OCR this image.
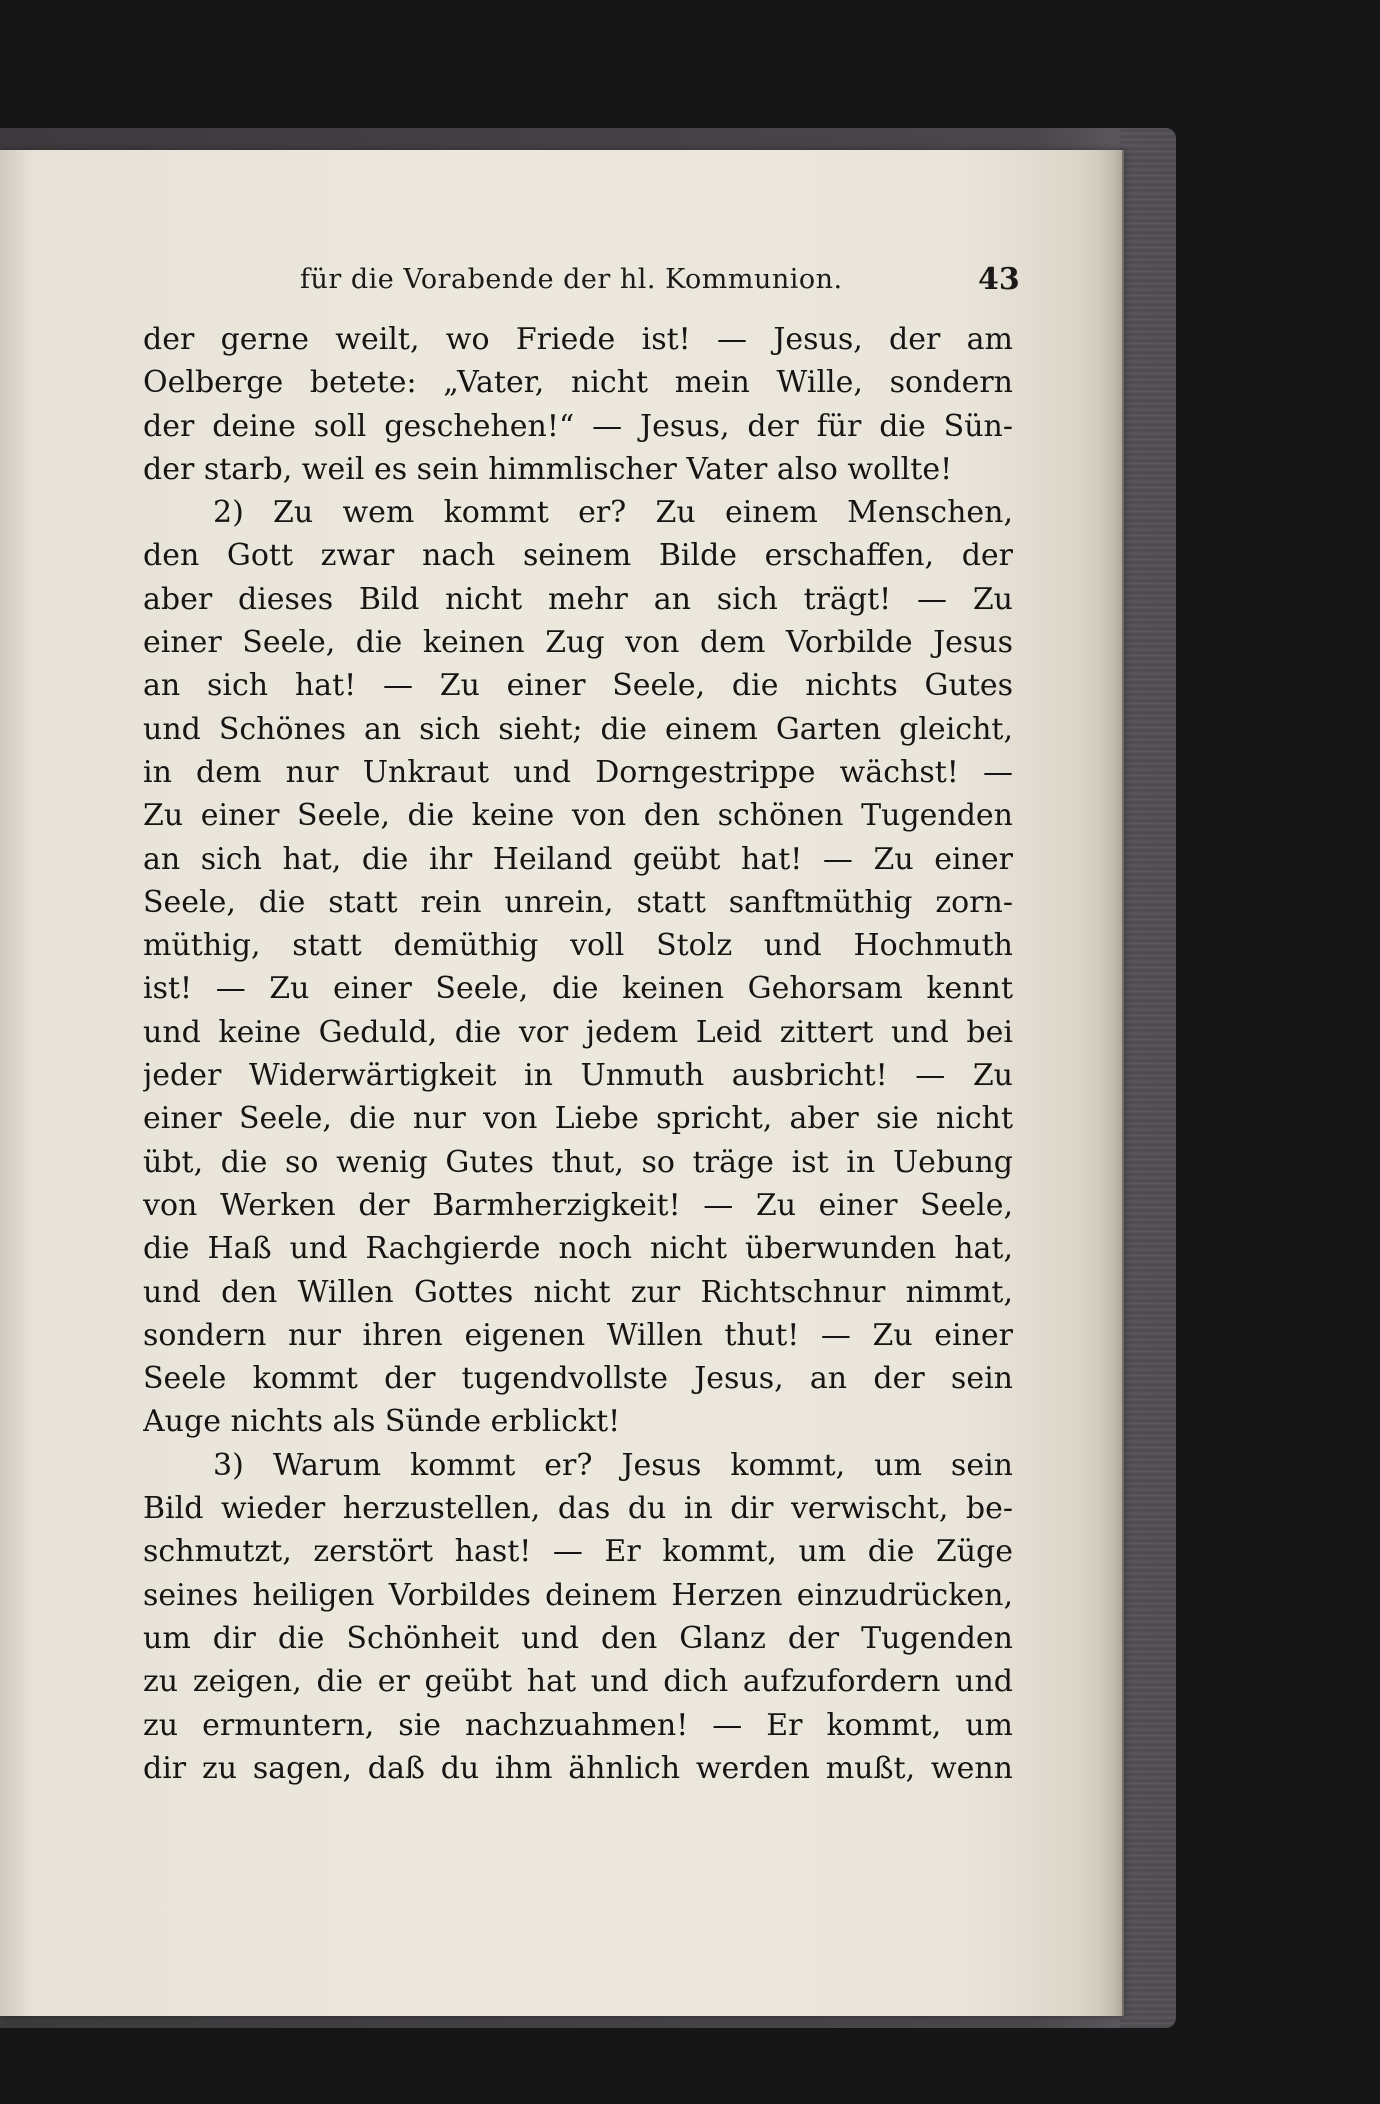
für die Vorabende der hl. Kommunion.	43
der gerne weilt, wo Friede ist! — Jesus, der am
Oelberge betete: „Vater, nicht mein Wille, sondern
der deine soll geschehen!“ — Jesus, der für die Sün-
der starb, weil es sein himmlischer Vater also wollte!
2) Zu wem kommt er? Zu einem Menschen,
den Gott zwar nach seinem Bilde erschaffen, der
aber dieses Bild nicht mehr an sich trägt! — Zu
einer Seele, die keinen Zug von dem Vorbilde Jesus
an sich hat! — Zu einer Seele, die nichts Gutes
und Schönes an sich sieht; die einem Garten gleicht,
in dem nur Unkraut und Dorngestrippe wächst! —
Zu einer Seele, die keine von den schönen Tugenden
an sich hat, die ihr Heiland geübt hat! — Zu einer
Seele, die statt rein unrein, statt sanftmüthig zorn-
müthig, statt demüthig voll Stolz und Hochmuth
ist! — Zu einer Seele, die keinen Gehorsam kennt
und keine Geduld, die vor jedem Leid zittert und bei
jeder Widerwärtigkeit in Unmuth ausbricht! — Zu
einer Seele, die nur von Liebe spricht, aber sie nicht
übt, die so wenig Gutes thut, so träge ist in Uebung
von Werken der Barmherzigkeit! — Zu einer Seele,
die Haß und Rachgierde noch nicht überwunden hat,
und den Willen Gottes nicht zur Richtschnur nimmt,
sondern nur ihren eigenen Willen thut! — Zu einer
Seele kommt der tugendvollste Jesus, an der sein
Auge nichts als Sünde erblickt!
3) Warum kommt er? Jesus kommt, um sein
Bild wieder herzustellen, das du in dir verwischt, be-
schmutzt, zerstört hast! — Er kommt, um die Züge
seines heiligen Vorbildes deinem Herzen einzudrücken,
um dir die Schönheit und den Glanz der Tugenden
zu zeigen, die er geübt hat und dich aufzufordern und
zu ermuntern, sie nachzuahmen! — Er kommt, um
dir zu sagen, daß du ihm ähnlich werden mußt, wenn
